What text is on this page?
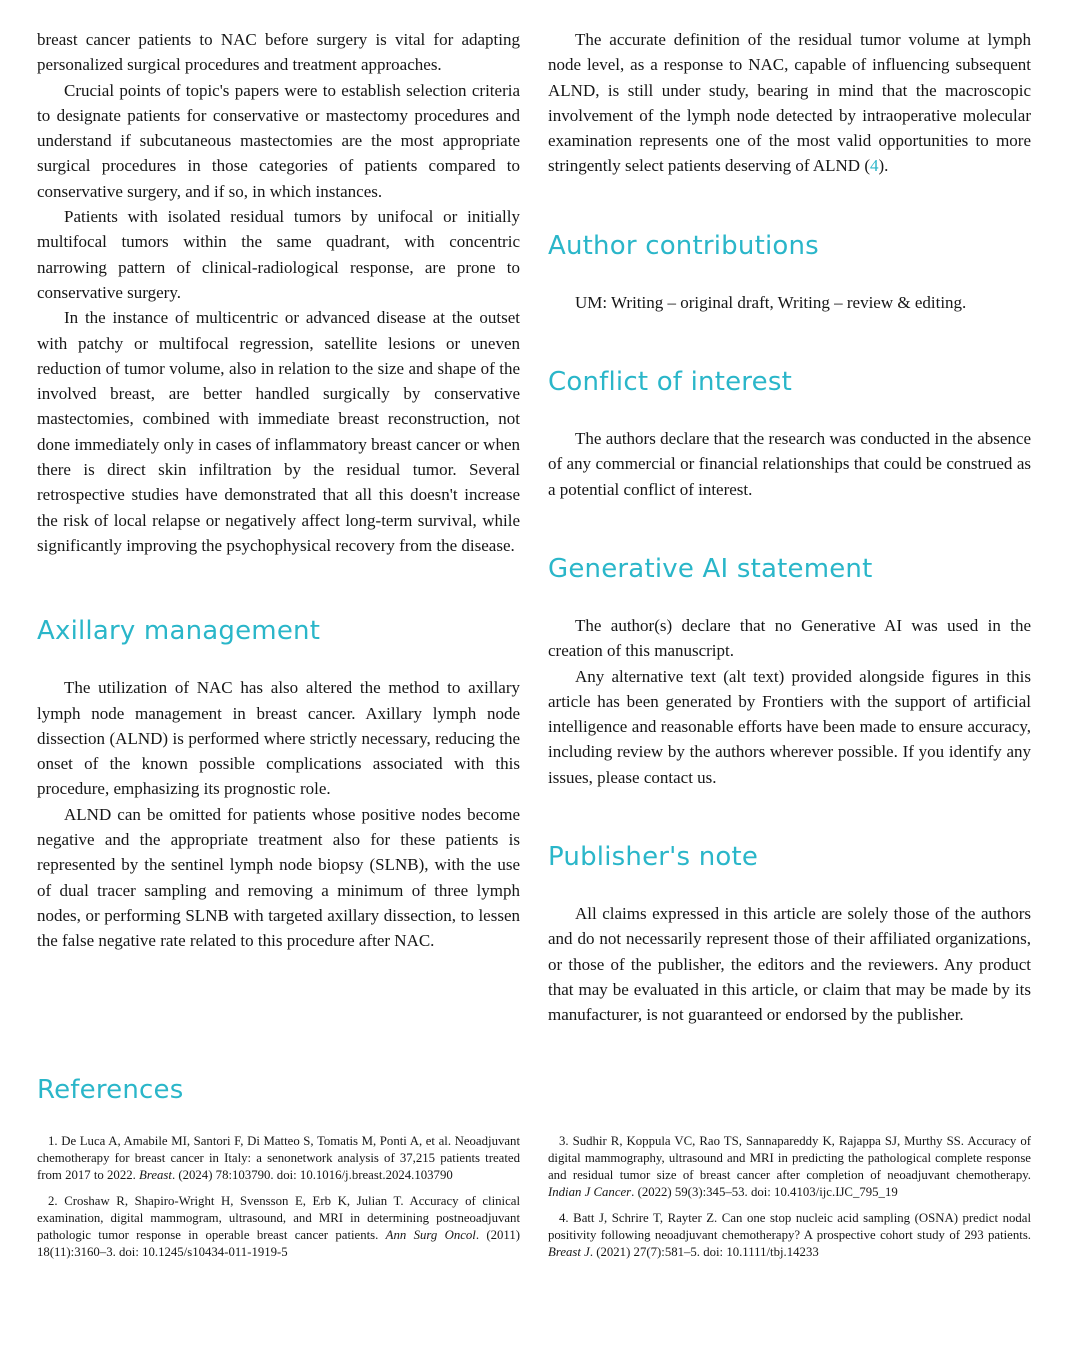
breast cancer patients to NAC before surgery is vital for adapting personalized surgical procedures and treatment approaches.

Crucial points of topic's papers were to establish selection criteria to designate patients for conservative or mastectomy procedures and understand if subcutaneous mastectomies are the most appropriate surgical procedures in those categories of patients compared to conservative surgery, and if so, in which instances.

Patients with isolated residual tumors by unifocal or initially multifocal tumors within the same quadrant, with concentric narrowing pattern of clinical-radiological response, are prone to conservative surgery.

In the instance of multicentric or advanced disease at the outset with patchy or multifocal regression, satellite lesions or uneven reduction of tumor volume, also in relation to the size and shape of the involved breast, are better handled surgically by conservative mastectomies, combined with immediate breast reconstruction, not done immediately only in cases of inflammatory breast cancer or when there is direct skin infiltration by the residual tumor. Several retrospective studies have demonstrated that all this doesn't increase the risk of local relapse or negatively affect long-term survival, while significantly improving the psychophysical recovery from the disease.

Axillary management

The utilization of NAC has also altered the method to axillary lymph node management in breast cancer. Axillary lymph node dissection (ALND) is performed where strictly necessary, reducing the onset of the known possible complications associated with this procedure, emphasizing its prognostic role.

ALND can be omitted for patients whose positive nodes become negative and the appropriate treatment also for these patients is represented by the sentinel lymph node biopsy (SLNB), with the use of dual tracer sampling and removing a minimum of three lymph nodes, or performing SLNB with targeted axillary dissection, to lessen the false negative rate related to this procedure after NAC.

The accurate definition of the residual tumor volume at lymph node level, as a response to NAC, capable of influencing subsequent ALND, is still under study, bearing in mind that the macroscopic involvement of the lymph node detected by intraoperative molecular examination represents one of the most valid opportunities to more stringently select patients deserving of ALND (4).

Author contributions

UM: Writing – original draft, Writing – review & editing.

Conflict of interest

The authors declare that the research was conducted in the absence of any commercial or financial relationships that could be construed as a potential conflict of interest.

Generative AI statement

The author(s) declare that no Generative AI was used in the creation of this manuscript.

Any alternative text (alt text) provided alongside figures in this article has been generated by Frontiers with the support of artificial intelligence and reasonable efforts have been made to ensure accuracy, including review by the authors wherever possible. If you identify any issues, please contact us.

Publisher's note

All claims expressed in this article are solely those of the authors and do not necessarily represent those of their affiliated organizations, or those of the publisher, the editors and the reviewers. Any product that may be evaluated in this article, or claim that may be made by its manufacturer, is not guaranteed or endorsed by the publisher.

References

1. De Luca A, Amabile MI, Santori F, Di Matteo S, Tomatis M, Ponti A, et al. Neoadjuvant chemotherapy for breast cancer in Italy: a senonetwork analysis of 37,215 patients treated from 2017 to 2022. Breast. (2024) 78:103790. doi: 10.1016/j.breast.2024.103790

2. Croshaw R, Shapiro-Wright H, Svensson E, Erb K, Julian T. Accuracy of clinical examination, digital mammogram, ultrasound, and MRI in determining postneoadjuvant pathologic tumor response in operable breast cancer patients. Ann Surg Oncol. (2011) 18(11):3160–3. doi: 10.1245/s10434-011-1919-5

3. Sudhir R, Koppula VC, Rao TS, Sannapareddy K, Rajappa SJ, Murthy SS. Accuracy of digital mammography, ultrasound and MRI in predicting the pathological complete response and residual tumor size of breast cancer after completion of neoadjuvant chemotherapy. Indian J Cancer. (2022) 59(3):345–53. doi: 10.4103/ijc.IJC_795_19

4. Batt J, Schrire T, Rayter Z. Can one stop nucleic acid sampling (OSNA) predict nodal positivity following neoadjuvant chemotherapy? A prospective cohort study of 293 patients. Breast J. (2021) 27(7):581–5. doi: 10.1111/tbj.14233
